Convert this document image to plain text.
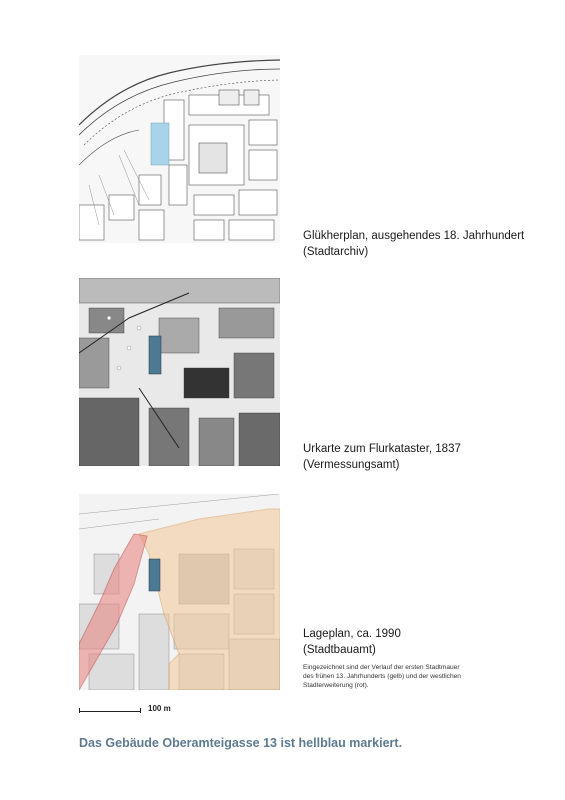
Glükherplan, ausgehendes 18. Jahrhundert
(Stadtarchiv)
Urkarte zum Flurkataster, 1837
(Vermessungsamt)
Lageplan, ca. 1990
(Stadtbauamt)
Eingezeichnet sind der Verlauf der ersten Stadtmauer
des frühen 13. Jahrhunderts (gelb) und der westlichen
Stadterweiterung (rot).
100 m
Das Gebäude Oberamteigasse 13 ist hellblau markiert.
